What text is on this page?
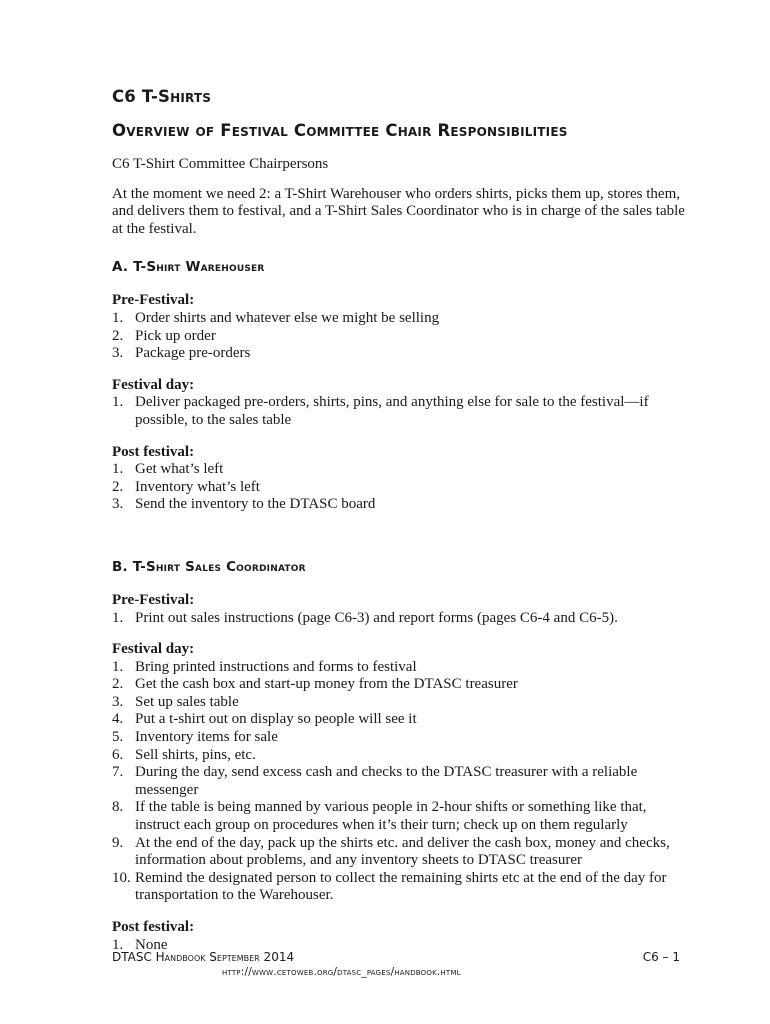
C6 T-Shirts
Overview of Festival Committee Chair Responsibilities

C6 T-Shirt Committee Chairpersons

At the moment we need 2: a T-Shirt Warehouser who orders shirts, picks them up, stores them, and delivers them to festival, and a T-Shirt Sales Coordinator who is in charge of the sales table at the festival.

A. T-Shirt Warehouser
Pre-Festival:
1. Order shirts and whatever else we might be selling
2. Pick up order
3. Package pre-orders
Festival day:
1. Deliver packaged pre-orders, shirts, pins, and anything else for sale to the festival—if possible, to the sales table
Post festival:
1. Get what’s left
2. Inventory what’s left
3. Send the inventory to the DTASC board
B. T-Shirt Sales Coordinator
Pre-Festival:
1. Print out sales instructions (page C6-3) and report forms (pages C6-4 and C6-5).
Festival day:
1. Bring printed instructions and forms to festival
2. Get the cash box and start-up money from the DTASC treasurer
3. Set up sales table
4. Put a t-shirt out on display so people will see it
5. Inventory items for sale
6. Sell shirts, pins, etc.
7. During the day, send excess cash and checks to the DTASC treasurer with a reliable messenger
8. If the table is being manned by various people in 2-hour shifts or something like that, instruct each group on procedures when it’s their turn; check up on them regularly
9. At the end of the day, pack up the shirts etc. and deliver the cash box, money and checks, information about problems, and any inventory sheets to DTASC treasurer
10. Remind the designated person to collect the remaining shirts etc at the end of the day for transportation to the Warehouser.
Post festival:
1. None
DTASC Handbook September 2014	C6 – 1
http://www.cetoweb.org/dtasc_pages/handbook.html
